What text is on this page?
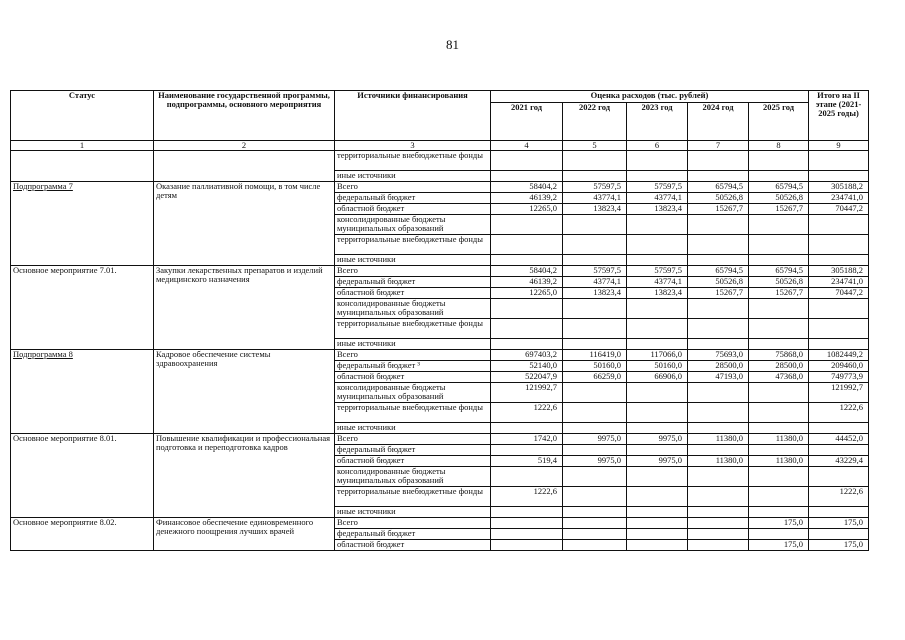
81
Статус	Наименование государственной программы, подпрограммы, основного мероприятия	Источники финансирования	Оценка расходов (тыс. рублей)					Итого на II этапе (2021-2025 годы)
			2021 год	2022 год	2023 год	2024 год	2025 год	
1	2	3	4	5	6	7	8	9
		территориальные внебюджетные фонды						
		иные источники						
Подпрограмма 7	Оказание паллиативной помощи, в том числе детям	Всего	58404,2	57597,5	57597,5	65794,5	65794,5	305188,2
		федеральный бюджет	46139,2	43774,1	43774,1	50526,8	50526,8	234741,0
		областной бюджет	12265,0	13823,4	13823,4	15267,7	15267,7	70447,2
		консолидированные бюджеты муниципальных образований						
		территориальные внебюджетные фонды						
		иные источники						
Основное мероприятие 7.01.	Закупки лекарственных препаратов и изделий медицинского назначения	Всего	58404,2	57597,5	57597,5	65794,5	65794,5	305188,2
		федеральный бюджет	46139,2	43774,1	43774,1	50526,8	50526,8	234741,0
		областной бюджет	12265,0	13823,4	13823,4	15267,7	15267,7	70447,2
		консолидированные бюджеты муниципальных образований						
		территориальные внебюджетные фонды						
		иные источники						
Подпрограмма 8	Кадровое обеспечение системы здравоохранения	Всего	697403,2	116419,0	117066,0	75693,0	75868,0	1082449,2
		федеральный бюджет ³	52140,0	50160,0	50160,0	28500,0	28500,0	209460,0
		областной бюджет	522047,9	66259,0	66906,0	47193,0	47368,0	749773,9
		консолидированные бюджеты муниципальных образований	121992,7					121992,7
		территориальные внебюджетные фонды	1222,6					1222,6
		иные источники						
Основное мероприятие 8.01.	Повышение квалификации и профессиональная подготовка и переподготовка кадров	Всего	1742,0	9975,0	9975,0	11380,0	11380,0	44452,0
		федеральный бюджет						
		областной бюджет	519,4	9975,0	9975,0	11380,0	11380,0	43229,4
		консолидированные бюджеты муниципальных образований						
		территориальные внебюджетные фонды	1222,6					1222,6
		иные источники						
Основное мероприятие 8.02.	Финансовое обеспечение единовременного денежного поощрения лучших врачей	Всего					175,0	175,0
		федеральный бюджет						
		областной бюджет					175,0	175,0
